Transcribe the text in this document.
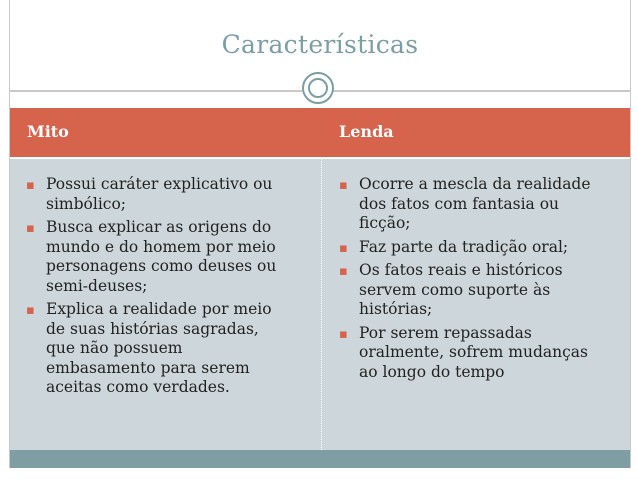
Características
Mito	Lenda
▪ Possui caráter explicativo ou simbólico;
▪ Busca explicar as origens do mundo e do homem por meio personagens como deuses ou semi-deuses;
▪ Explica a realidade por meio de suas histórias sagradas, que não possuem embasamento para serem aceitas como verdades.
▪ Ocorre a mescla da realidade dos fatos com fantasia ou ficção;
▪ Faz parte da tradição oral;
▪ Os fatos reais e históricos servem como suporte às histórias;
▪ Por serem repassadas oralmente, sofrem mudanças ao longo do tempo
